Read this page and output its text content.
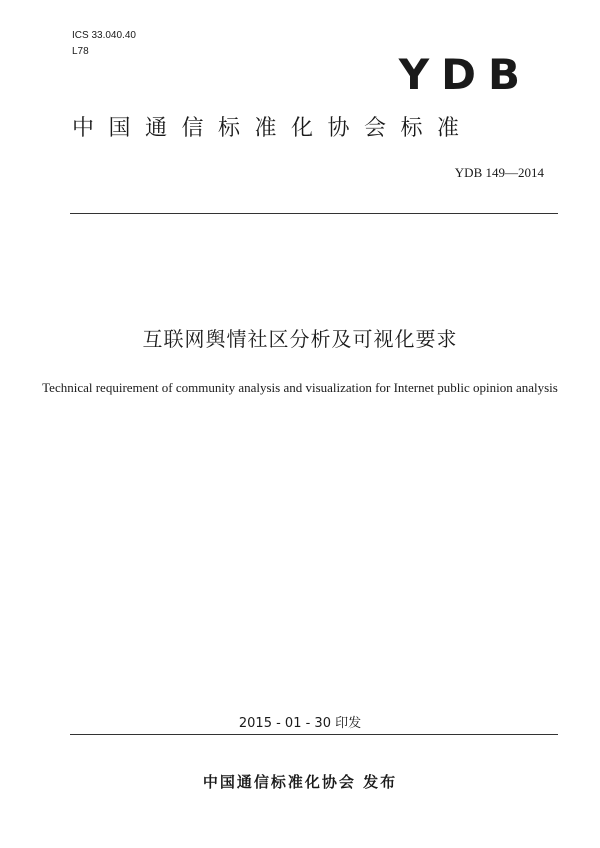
ICS 33.040.40
L78	YDB
中国通信标准化协会标准
YDB 149—2014
互联网舆情社区分析及可视化要求
Technical requirement of community analysis and visualization for Internet public opinion analysis
2015 - 01 - 30 印发
中国通信标准化协会 发布
